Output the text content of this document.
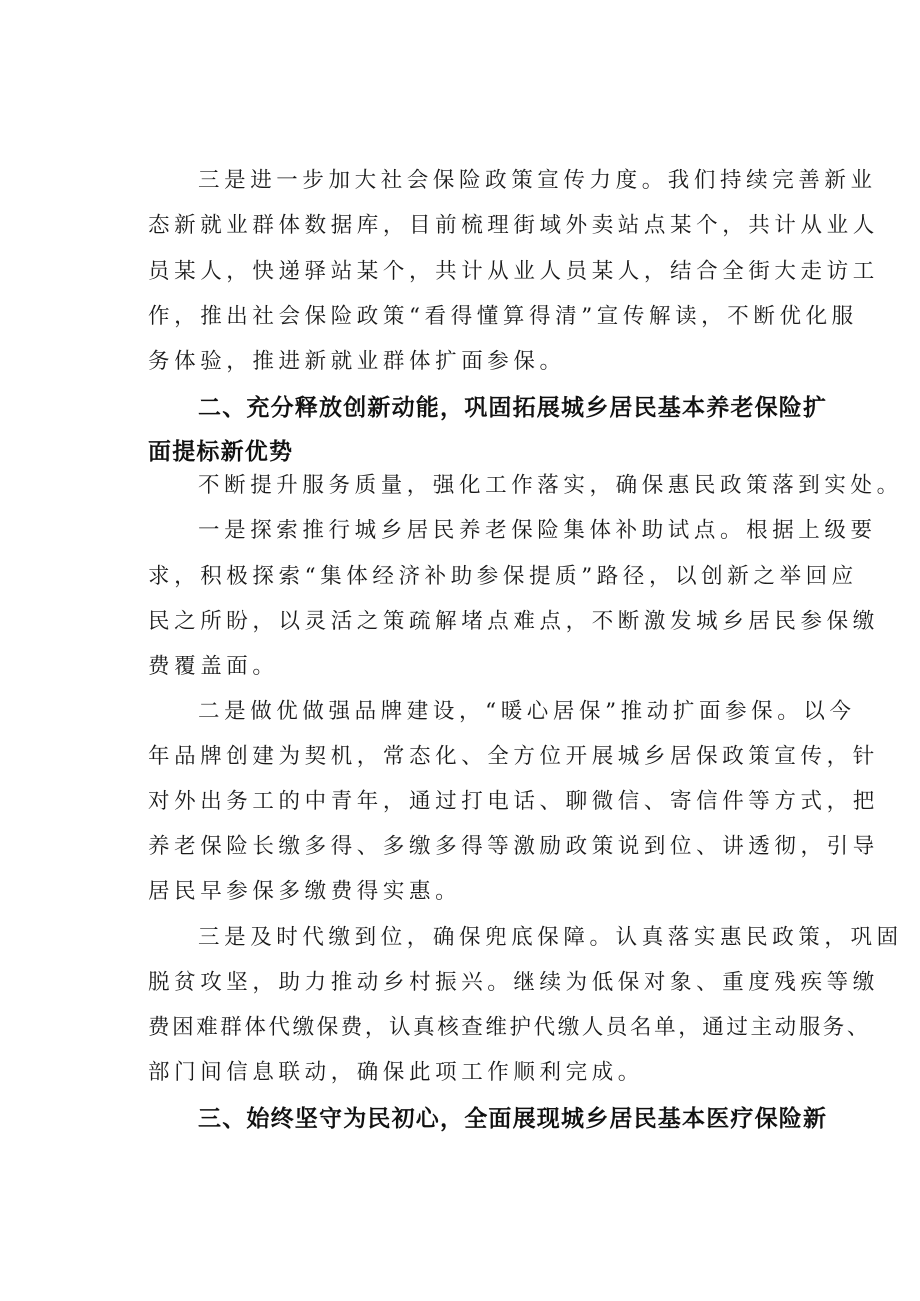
三是进一步加大社会保险政策宣传力度。我们持续完善新业
态新就业群体数据库，目前梳理街域外卖站点某个，共计从业人
员某人，快递驿站某个，共计从业人员某人，结合全街大走访工
作，推出社会保险政策“看得懂算得清”宣传解读，不断优化服
务体验，推进新就业群体扩面参保。
二、充分释放创新动能，巩固拓展城乡居民基本养老保险扩
面提标新优势
不断提升服务质量，强化工作落实，确保惠民政策落到实处。
一是探索推行城乡居民养老保险集体补助试点。根据上级要
求，积极探索“集体经济补助参保提质”路径，以创新之举回应
民之所盼，以灵活之策疏解堵点难点，不断激发城乡居民参保缴
费覆盖面。
二是做优做强品牌建设，“暖心居保”推动扩面参保。以今
年品牌创建为契机，常态化、全方位开展城乡居保政策宣传，针
对外出务工的中青年，通过打电话、聊微信、寄信件等方式，把
养老保险长缴多得、多缴多得等激励政策说到位、讲透彻，引导
居民早参保多缴费得实惠。
三是及时代缴到位，确保兜底保障。认真落实惠民政策，巩固
脱贫攻坚，助力推动乡村振兴。继续为低保对象、重度残疾等缴
费困难群体代缴保费，认真核查维护代缴人员名单，通过主动服务、
部门间信息联动，确保此项工作顺利完成。
三、始终坚守为民初心，全面展现城乡居民基本医疗保险新
